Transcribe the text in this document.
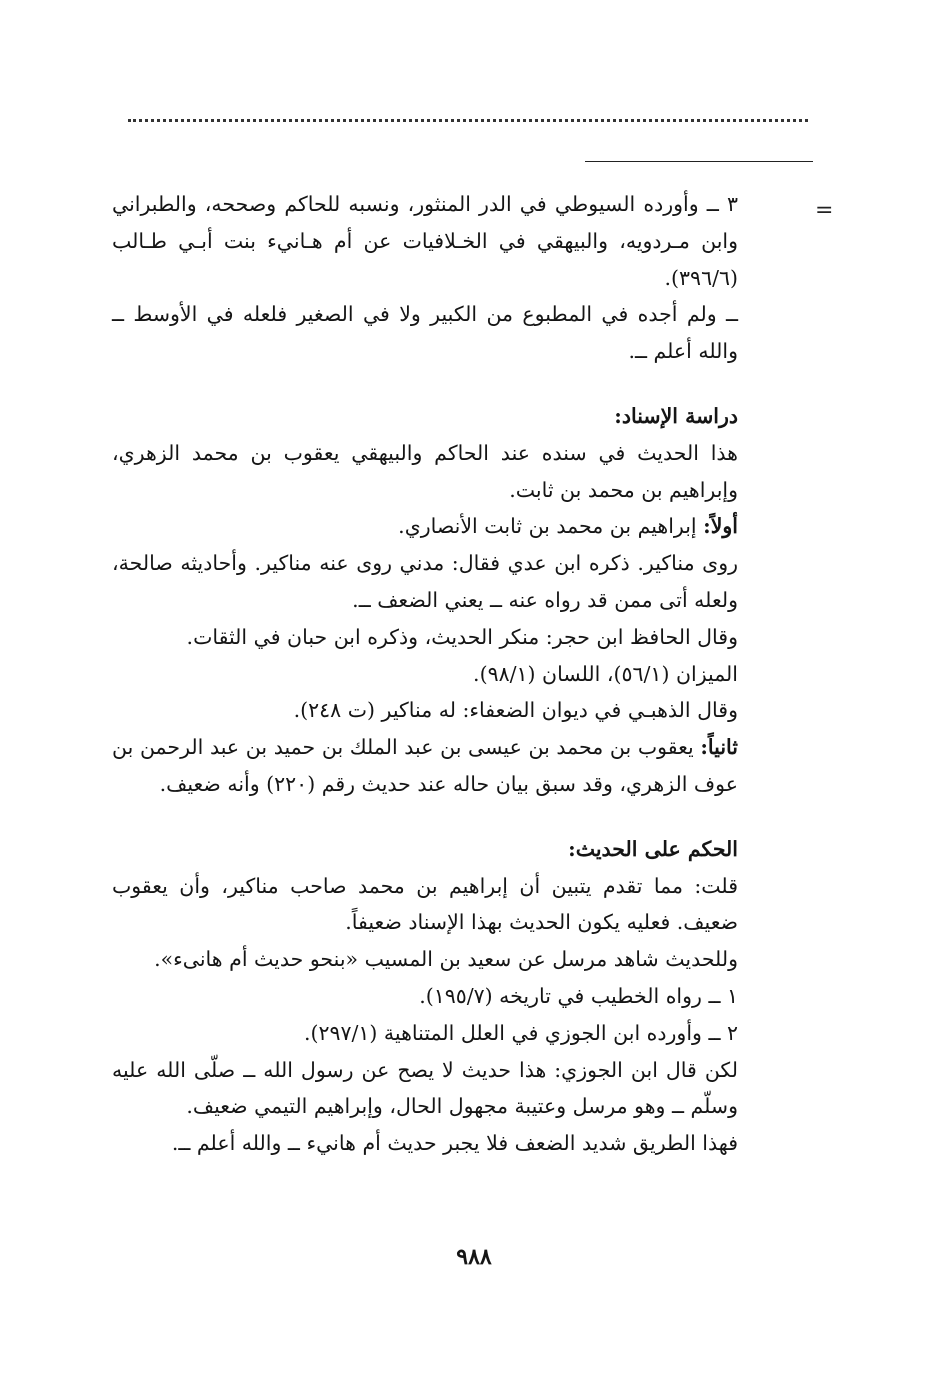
=

٣ ــ وأورده السيوطي في الدر المنثور، ونسبه للحاكم وصححه، والطبراني وابن مـردويه، والبيهقي في الخـلافيات عن أم هـانيء بنت أبـي طـالب (٣٩٦/٦).

ــ ولم أجده في المطبوع من الكبير ولا في الصغير فلعله في الأوسط ــ والله أعلم ــ.

دراسة الإسناد:

هذا الحديث في سنده عند الحاكم والبيهقي يعقوب بن محمد الزهري، وإبراهيم بن محمد بن ثابت.

أولاً: إبراهيم بن محمد بن ثابت الأنصاري.

روى مناكير. ذكره ابن عدي فقال: مدني روى عنه مناكير. وأحاديثه صالحة، ولعله أتى ممن قد رواه عنه ــ يعني الضعف ــ.

وقال الحافظ ابن حجر: منكر الحديث، وذكره ابن حبان في الثقات.

الميزان (٥٦/١)، اللسان (٩٨/١).

وقال الذهبـي في ديوان الضعفاء: له مناكير (ت ٢٤٨).

ثانياً: يعقوب بن محمد بن عيسى بن عبد الملك بن حميد بن عبد الرحمن بن عوف الزهري، وقد سبق بيان حاله عند حديث رقم (٢٢٠) وأنه ضعيف.

الحكم على الحديث:

قلت: مما تقدم يتبين أن إبراهيم بن محمد صاحب مناكير، وأن يعقوب ضعيف. فعليه يكون الحديث بهذا الإسناد ضعيفاً.

وللحديث شاهد مرسل عن سعيد بن المسيب «بنحو حديث أم هانىء».

١ ــ رواه الخطيب في تاريخه (١٩٥/٧).

٢ ــ وأورده ابن الجوزي في العلل المتناهية (٢٩٧/١).

لكن قال ابن الجوزي: هذا حديث لا يصح عن رسول الله ــ صلّى الله عليه وسلّم ــ وهو مرسل وعتيبة مجهول الحال، وإبراهيم التيمي ضعيف.

فهذا الطريق شديد الضعف فلا يجبر حديث أم هانيء ــ والله أعلم ــ.

٩٨٨
